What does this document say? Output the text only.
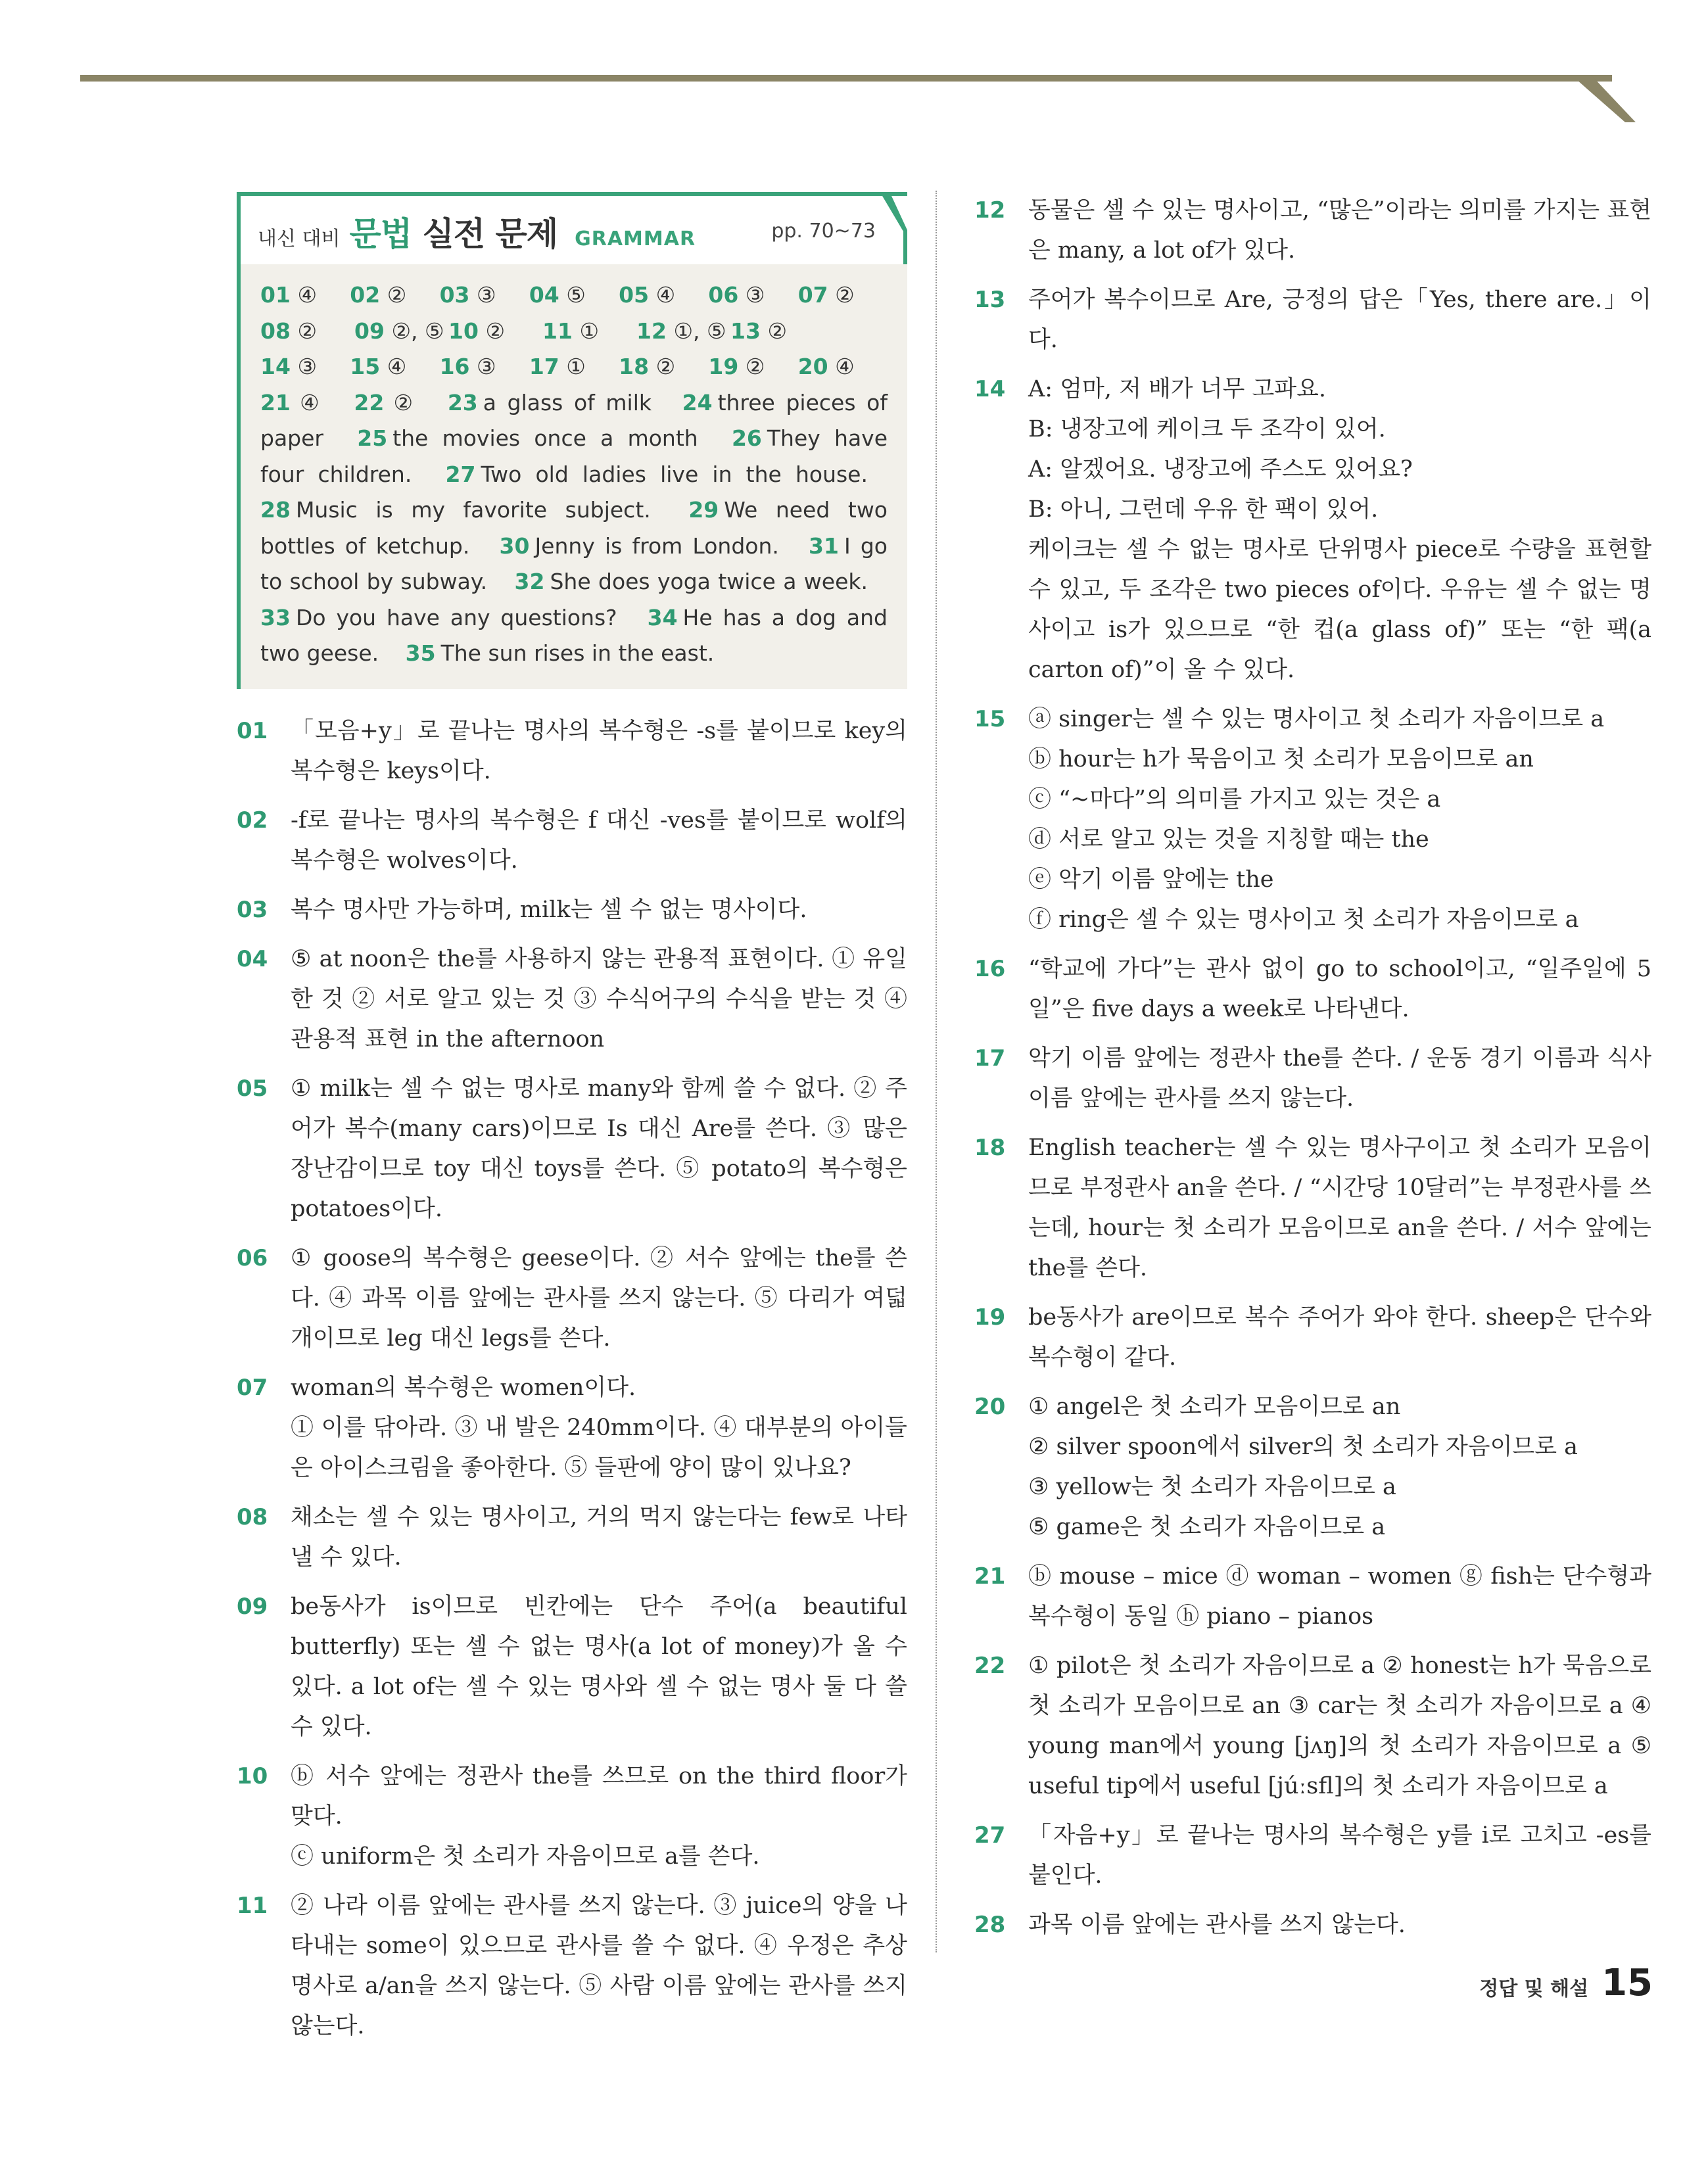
내신 대비 문법 실전 문제 GRAMMAR	pp. 70~73
01 ④	02 ②	03 ③	04 ⑤	05 ④	06 ③	07 ②
08 ②	09 ②, ⑤ 10 ②	11 ①	12 ①, ⑤ 13 ②
14 ③	15 ④	16 ③	17 ①	18 ②	19 ②	20 ④
21 ④ 22 ② 23 a glass of milk 24 three pieces of paper 25 the movies once a month 26 They have four children. 27 Two old ladies live in the house. 28 Music is my favorite subject. 29 We need two bottles of ketchup. 30 Jenny is from London. 31 I go to school by subway. 32 She does yoga twice a week. 33 Do you have any questions? 34 He has a dog and two geese. 35 The sun rises in the east.
01 「모음+y」로 끝나는 명사의 복수형은 -s를 붙이므로 key의 복수형은 keys이다.

02 -f로 끝나는 명사의 복수형은 f 대신 -ves를 붙이므로 wolf의 복수형은 wolves이다.

03 복수 명사만 가능하며, milk는 셀 수 없는 명사이다.

04 ⑤ at noon은 the를 사용하지 않는 관용적 표현이다. ① 유일한 것 ② 서로 알고 있는 것 ③ 수식어구의 수식을 받는 것 ④ 관용적 표현 in the afternoon

05 ① milk는 셀 수 없는 명사로 many와 함께 쓸 수 없다. ② 주어가 복수(many cars)이므로 Is 대신 Are를 쓴다. ③ 많은 장난감이므로 toy 대신 toys를 쓴다. ⑤ potato의 복수형은 potatoes이다.

06 ① goose의 복수형은 geese이다. ② 서수 앞에는 the를 쓴다. ④ 과목 이름 앞에는 관사를 쓰지 않는다. ⑤ 다리가 여덟 개이므로 leg 대신 legs를 쓴다.

07 woman의 복수형은 women이다.

① 이를 닦아라. ③ 내 발은 240mm이다. ④ 대부분의 아이들은 아이스크림을 좋아한다. ⑤ 들판에 양이 많이 있나요?

08 채소는 셀 수 있는 명사이고, 거의 먹지 않는다는 few로 나타낼 수 있다.

09 be동사가 is이므로 빈칸에는 단수 주어(a beautiful butterfly) 또는 셀 수 없는 명사(a lot of money)가 올 수 있다. a lot of는 셀 수 있는 명사와 셀 수 없는 명사 둘 다 쓸 수 있다.

10 ⓑ 서수 앞에는 정관사 the를 쓰므로 on the third floor가 맞다.

ⓒ uniform은 첫 소리가 자음이므로 a를 쓴다.

11 ② 나라 이름 앞에는 관사를 쓰지 않는다. ③ juice의 양을 나타내는 some이 있으므로 관사를 쓸 수 없다. ④ 우정은 추상명사로 a/an을 쓰지 않는다. ⑤ 사람 이름 앞에는 관사를 쓰지 않는다.

12 동물은 셀 수 있는 명사이고, “많은”이라는 의미를 가지는 표현은 many, a lot of가 있다.

13 주어가 복수이므로 Are, 긍정의 답은「Yes, there are.」이다.

14 A: 엄마, 저 배가 너무 고파요.

B: 냉장고에 케이크 두 조각이 있어.

A: 알겠어요. 냉장고에 주스도 있어요?

B: 아니, 그런데 우유 한 팩이 있어.

케이크는 셀 수 없는 명사로 단위명사 piece로 수량을 표현할 수 있고, 두 조각은 two pieces of이다. 우유는 셀 수 없는 명사이고 is가 있으므로 “한 컵(a glass of)” 또는 “한 팩(a carton of)”이 올 수 있다.

15 ⓐ singer는 셀 수 있는 명사이고 첫 소리가 자음이므로 a

ⓑ hour는 h가 묵음이고 첫 소리가 모음이므로 an

ⓒ “~마다”의 의미를 가지고 있는 것은 a

ⓓ 서로 알고 있는 것을 지칭할 때는 the

ⓔ 악기 이름 앞에는 the

ⓕ ring은 셀 수 있는 명사이고 첫 소리가 자음이므로 a

16 “학교에 가다”는 관사 없이 go to school이고, “일주일에 5일”은 five days a week로 나타낸다.

17 악기 이름 앞에는 정관사 the를 쓴다. / 운동 경기 이름과 식사 이름 앞에는 관사를 쓰지 않는다.

18 English teacher는 셀 수 있는 명사구이고 첫 소리가 모음이므로 부정관사 an을 쓴다. / “시간당 10달러”는 부정관사를 쓰는데, hour는 첫 소리가 모음이므로 an을 쓴다. / 서수 앞에는 the를 쓴다.

19 be동사가 are이므로 복수 주어가 와야 한다. sheep은 단수와 복수형이 같다.

20 ① angel은 첫 소리가 모음이므로 an

② silver spoon에서 silver의 첫 소리가 자음이므로 a

③ yellow는 첫 소리가 자음이므로 a

⑤ game은 첫 소리가 자음이므로 a

21 ⓑ mouse – mice ⓓ woman – women ⓖ fish는 단수형과 복수형이 동일 ⓗ piano – pianos

22 ① pilot은 첫 소리가 자음이므로 a ② honest는 h가 묵음으로 첫 소리가 모음이므로 an ③ car는 첫 소리가 자음이므로 a ④ young man에서 young [jʌŋ]의 첫 소리가 자음이므로 a ⑤ useful tip에서 useful [júːsfl]의 첫 소리가 자음이므로 a

27 「자음+y」로 끝나는 명사의 복수형은 y를 i로 고치고 -es를 붙인다.

28 과목 이름 앞에는 관사를 쓰지 않는다.

정답 및 해설 15
